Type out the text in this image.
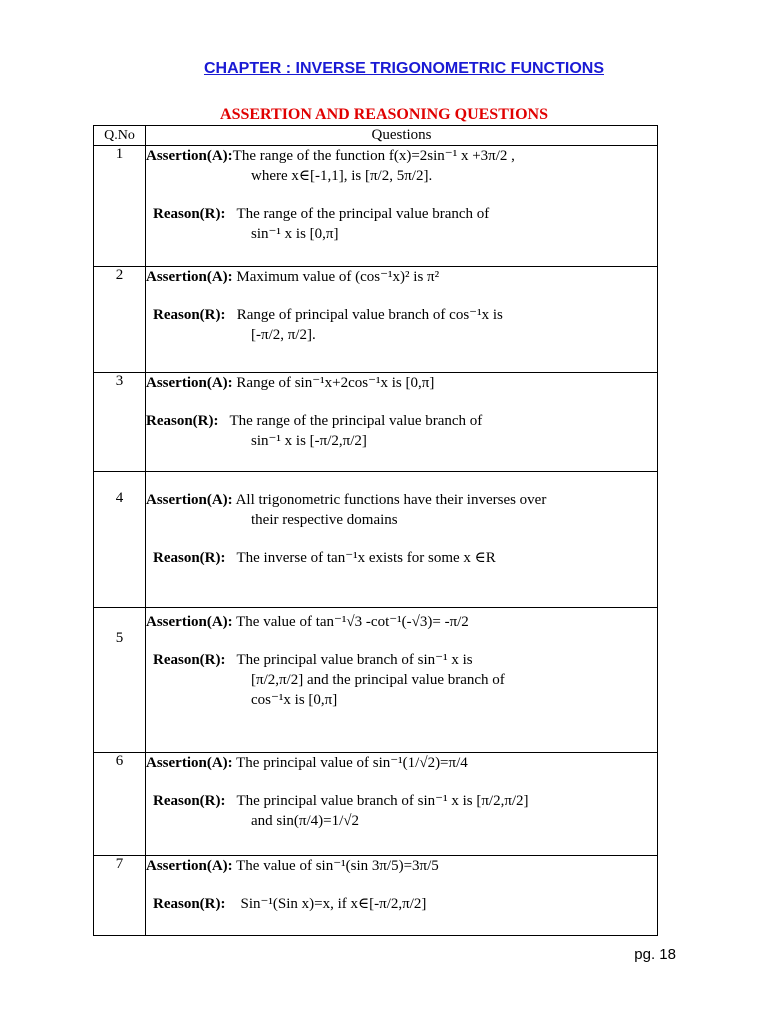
CHAPTER : INVERSE TRIGONOMETRIC FUNCTIONS
ASSERTION AND REASONING QUESTIONS
Q.No	Questions
1	Assertion(A):The range of the function f(x)=2sin⁻¹ x +3π/2 ,
where x∈[-1,1], is [π/2, 5π/2].
Reason(R): The range of the principal value branch of
sin⁻¹ x is [0,π]

2	Assertion(A): Maximum value of (cos⁻¹x)² is π²
Reason(R): Range of principal value branch of cos⁻¹x is
[-π/2, π/2].

3	Assertion(A): Range of sin⁻¹x+2cos⁻¹x is [0,π]
Reason(R): The range of the principal value branch of
sin⁻¹ x is [-π/2,π/2]

4	Assertion(A): All trigonometric functions have their inverses over
their respective domains
Reason(R): The inverse of tan⁻¹x exists for some x ∈R

5	Assertion(A): The value of tan⁻¹√3 -cot⁻¹(-√3)= -π/2
Reason(R): The principal value branch of sin⁻¹ x is
[π/2,π/2] and the principal value branch of
cos⁻¹x is [0,π]

6	Assertion(A): The principal value of sin⁻¹(1/√2)=π/4
Reason(R): The principal value branch of sin⁻¹ x is [π/2,π/2]
and sin(π/4)=1/√2

7	Assertion(A): The value of sin⁻¹(sin 3π/5)=3π/5
Reason(R): Sin⁻¹(Sin x)=x, if x∈[-π/2,π/2]
pg. 18
